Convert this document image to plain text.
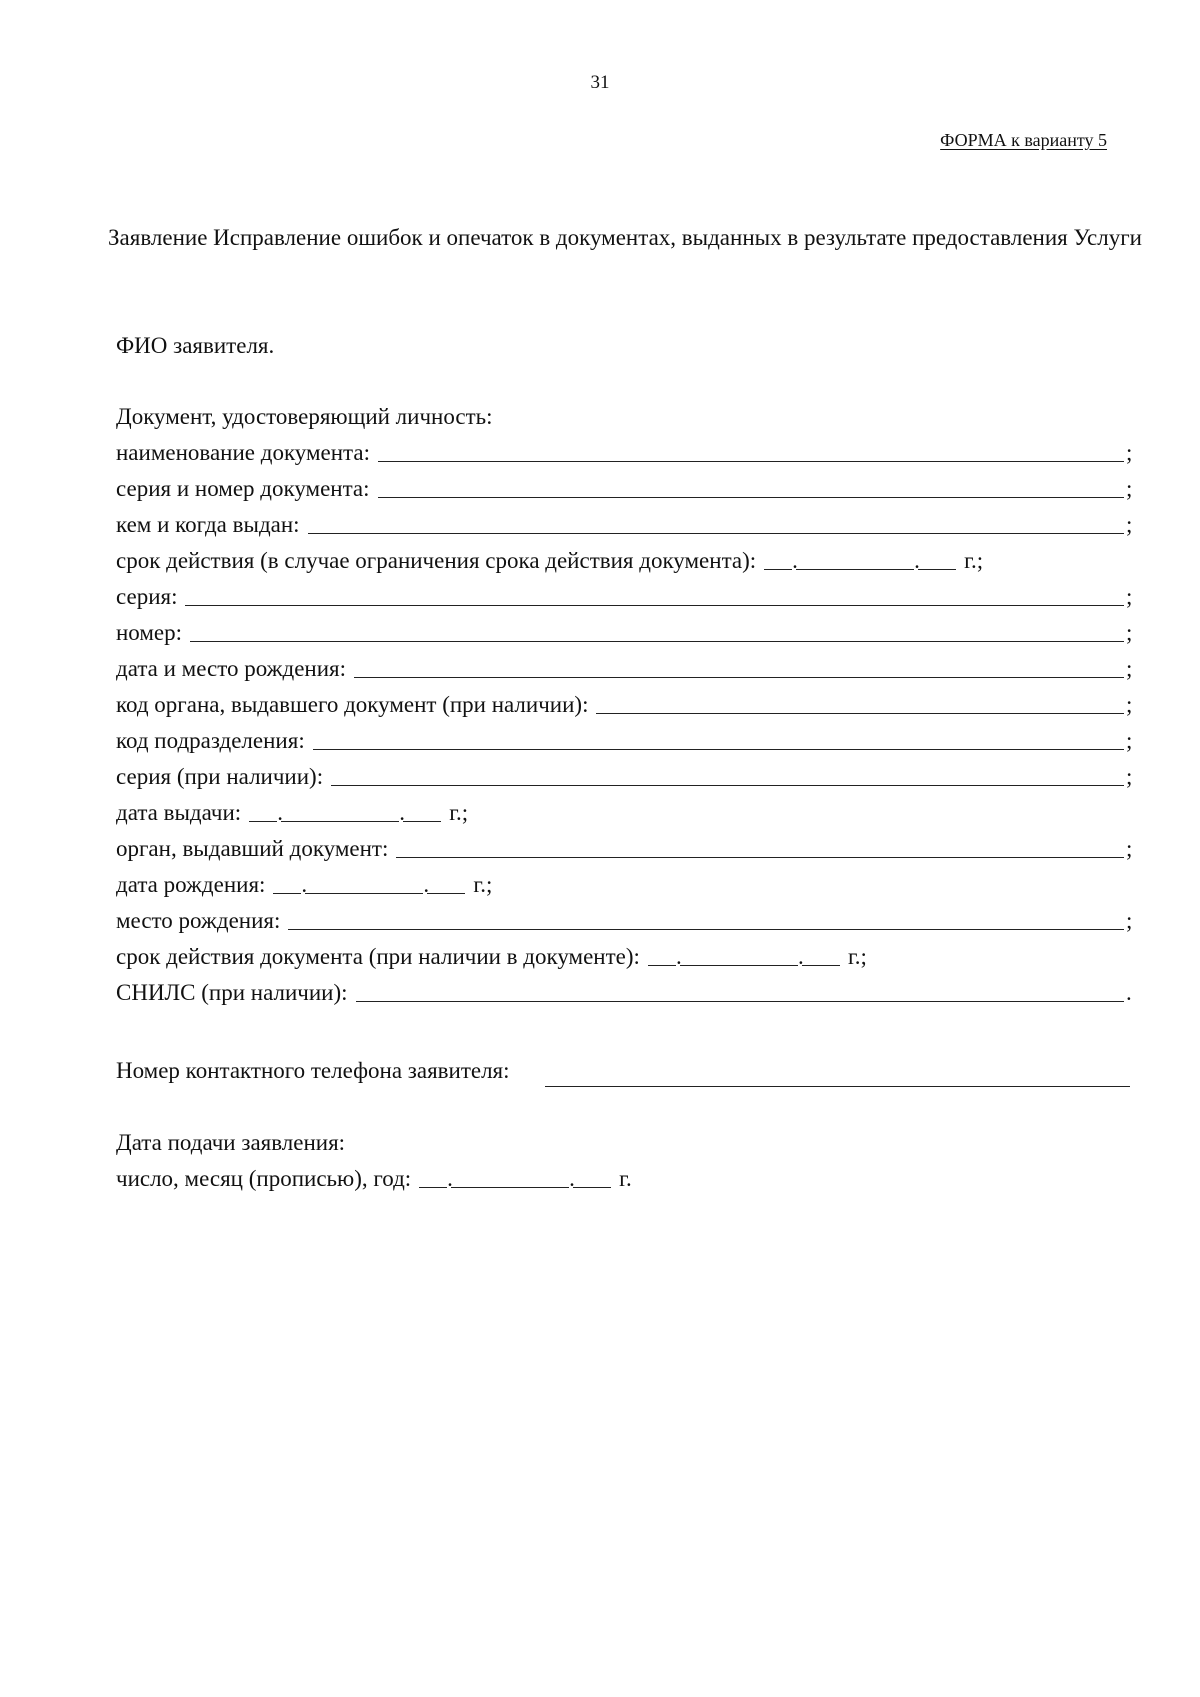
31
ФОРМА к варианту 5
Заявление Исправление ошибок и опечаток в документах, выданных в результате предоставления Услуги
ФИО заявителя.
Документ, удостоверяющий личность:
наименование документа:	;
серия и номер документа:	;
кем и когда выдан:	;
срок действия (в случае ограничения срока действия документа): .	. г.;
серия:	;
номер:	;
дата и место рождения:	;
код органа, выдавшего документ (при наличии):	;
код подразделения:	;
серия (при наличии):	;
дата выдачи: .	. г.;
орган, выдавший документ:	;
дата рождения: .	. г.;
место рождения:	;
срок действия документа (при наличии в документе): .	. г.;
СНИЛС (при наличии):	.
Номер контактного телефона заявителя:
Дата подачи заявления:
число, месяц (прописью), год: .	. г.
